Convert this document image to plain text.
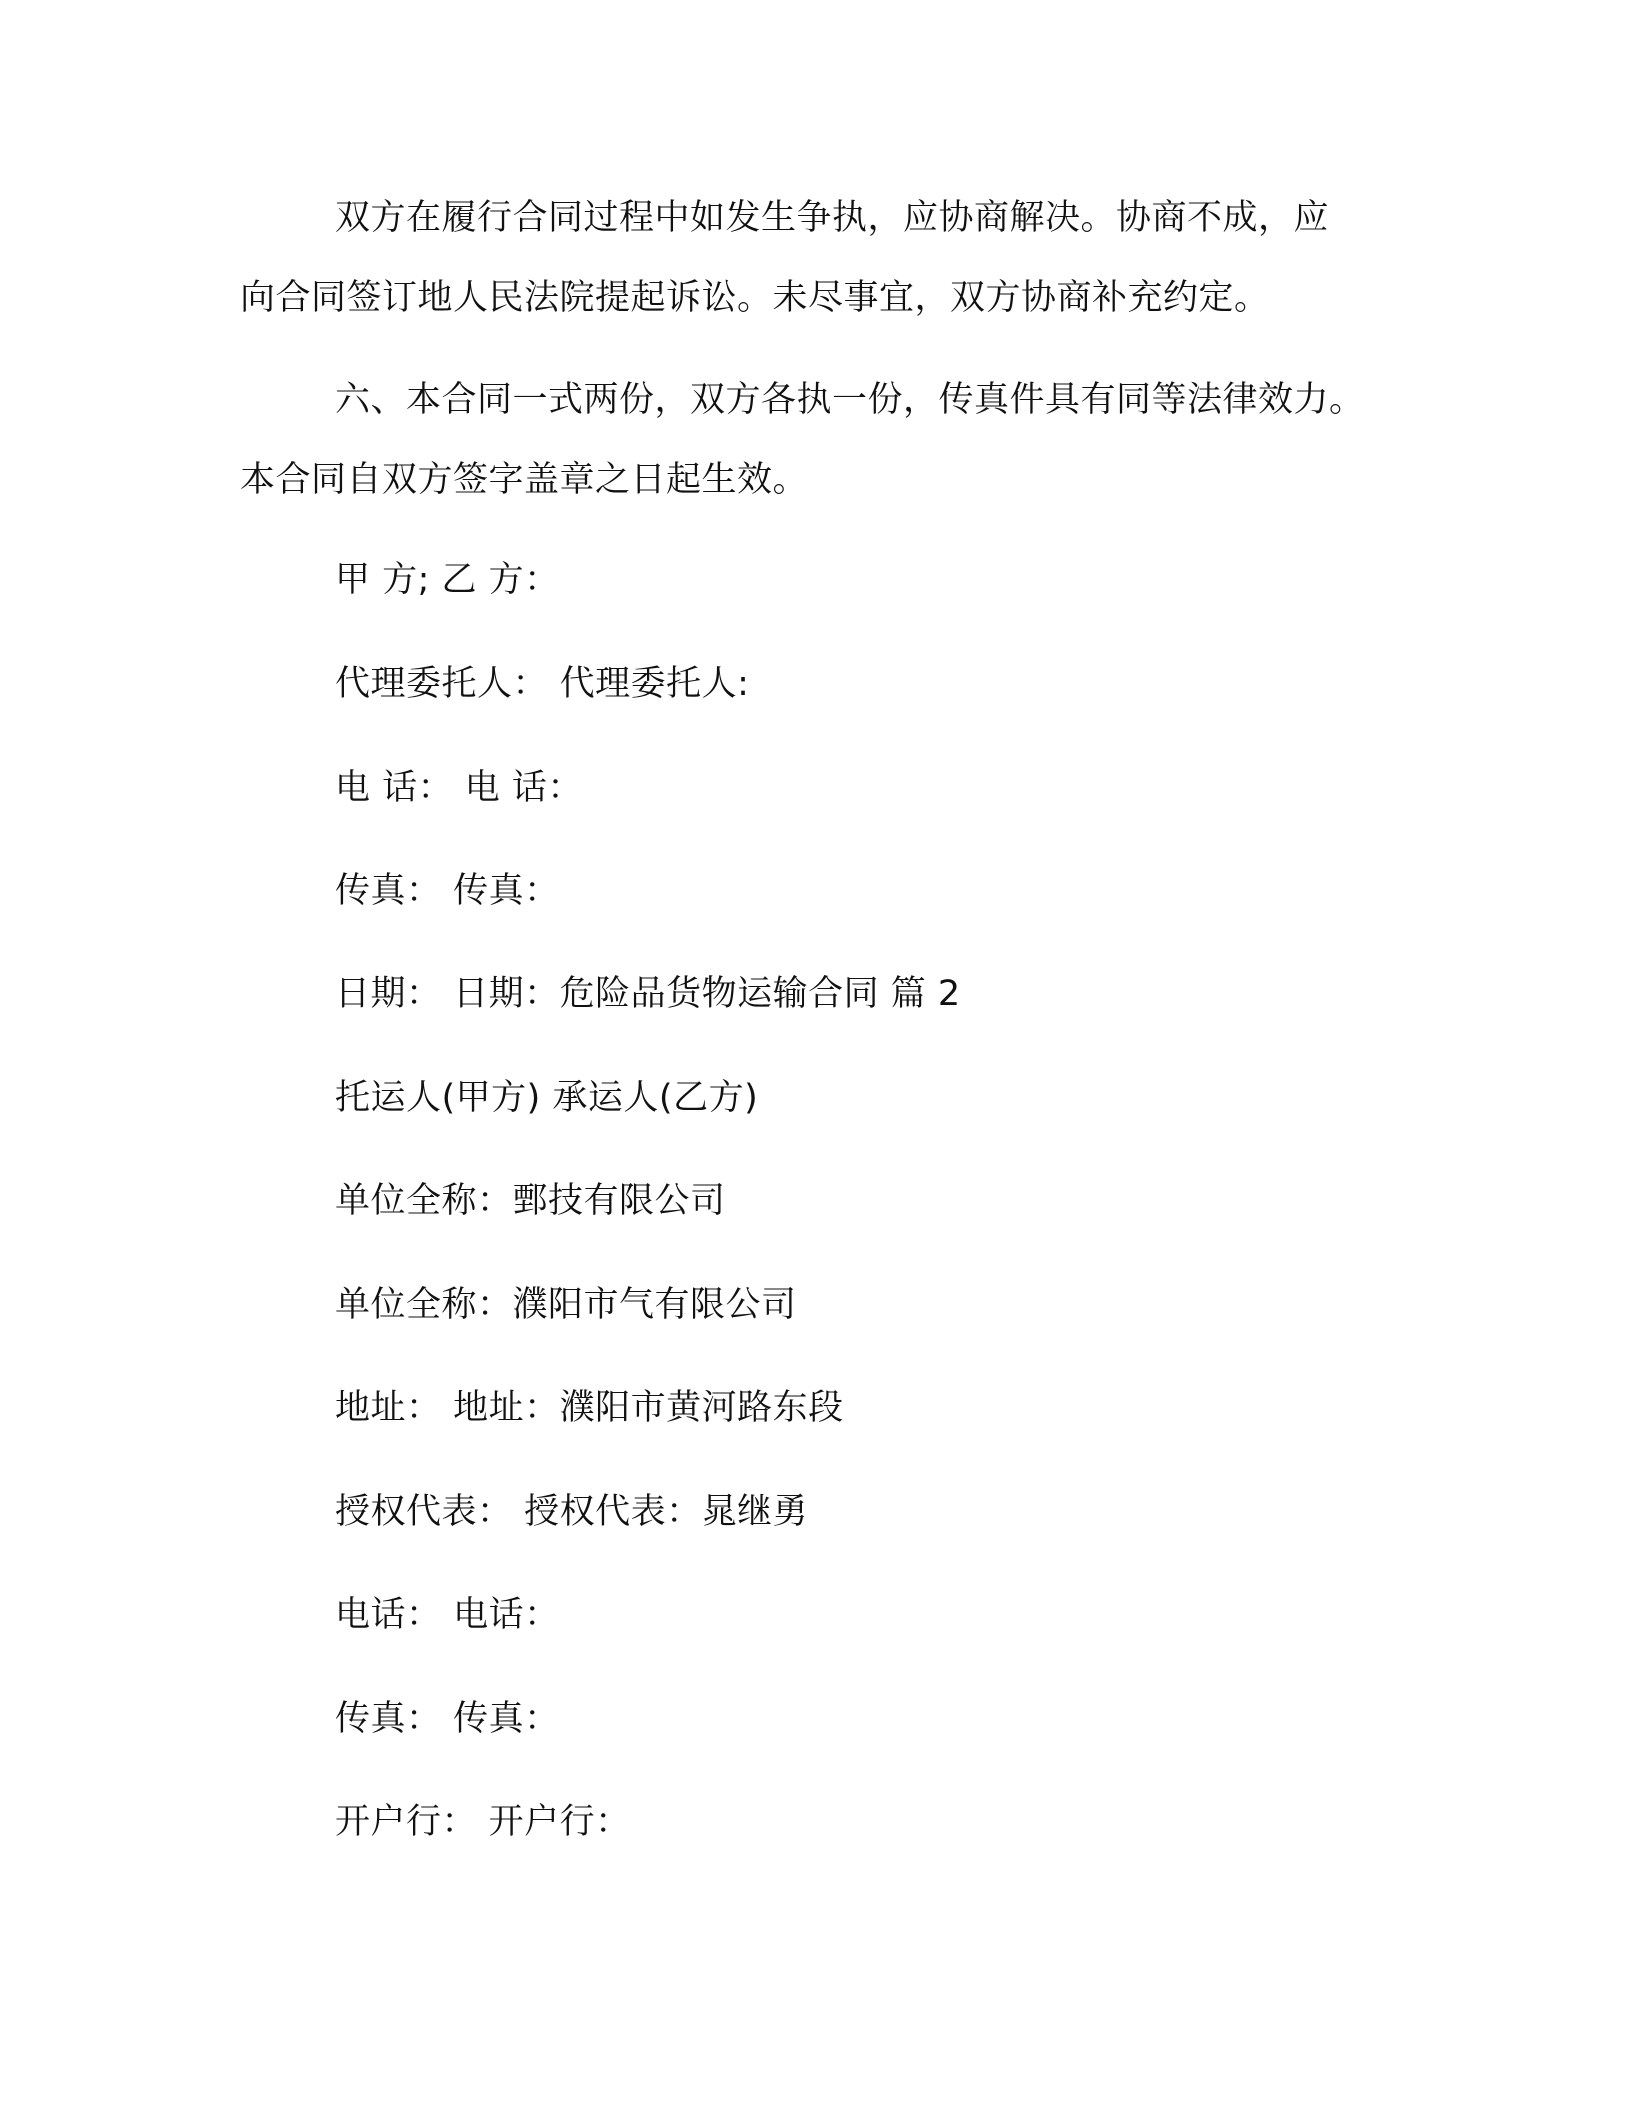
双方在履行合同过程中如发生争执，应协商解决。协商不成，应
向合同签订地人民法院提起诉讼。未尽事宜，双方协商补充约定。
六、本合同一式两份，双方各执一份，传真件具有同等法律效力。
本合同自双方签字盖章之日起生效。
甲 方; 乙 方：
代理委托人： 代理委托人:
电 话： 电 话：
传真： 传真：
日期： 日期：危险品货物运输合同 篇 2
托运人(甲方) 承运人(乙方)
单位全称：鄄技有限公司
单位全称：濮阳市气有限公司
地址： 地址：濮阳市黄河路东段
授权代表： 授权代表：晁继勇
电话： 电话：
传真： 传真：
开户行： 开户行：
